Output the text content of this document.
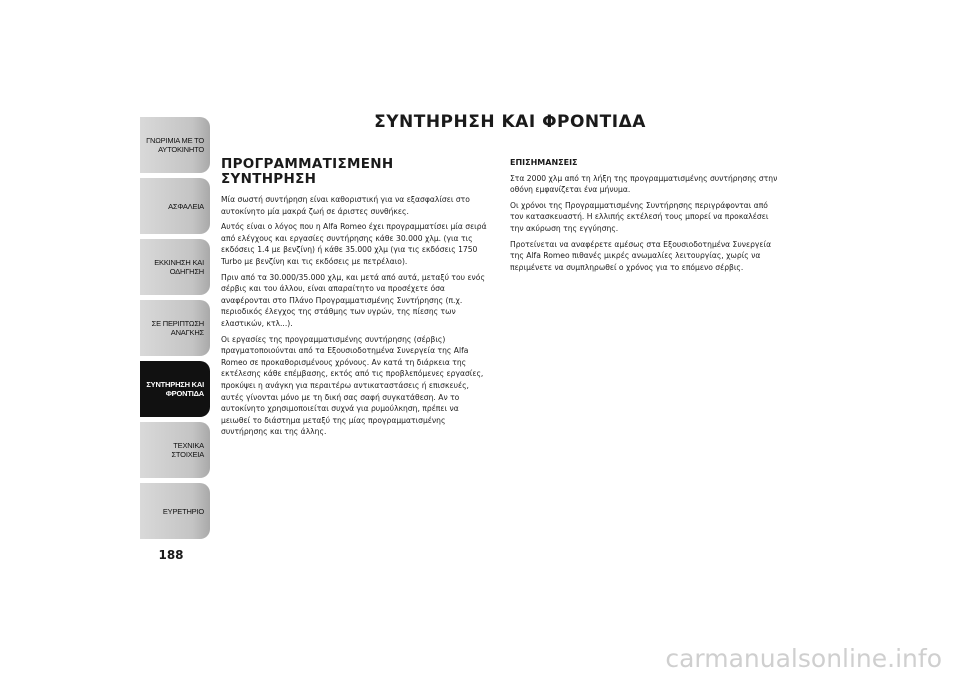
ΓΝΩΡΙΜΙΑ ΜΕ ΤΟ ΑΥΤΟΚΙΝΗΤΟ
ΑΣΦΑΛΕΙΑ
ΕΚΚΙΝΗΣΗ ΚΑΙ ΟΔΗΓΗΣΗ
ΣΕ ΠΕΡΙΠΤΩΣΗ ΑΝΑΓΚΗΣ
ΣΥΝΤΗΡΗΣΗ ΚΑΙ ΦΡΟΝΤΙΔΑ
ΤΕΧΝΙΚΑ ΣΤΟΙΧΕΙΑ
ΕΥΡΕΤΗΡΙΟ
188
ΣΥΝΤΗΡΗΣΗ ΚΑΙ ΦΡΟΝΤΙΔΑ
ΠΡΟΓΡΑΜΜΑΤΙΣΜΕΝΗ ΣΥΝΤΗΡΗΣΗ

Μία σωστή συντήρηση είναι καθοριστική για να εξασφαλίσει στο αυτοκίνητο μία μακρά ζωή σε άριστες συνθήκες.

Αυτός είναι ο λόγος που η Alfa Romeo έχει προγραμματίσει μία σειρά από ελέγχους και εργασίες συντήρησης κάθε 30.000 χλμ. (για τις εκδόσεις 1.4 με βενζίνη) ή κάθε 35.000 χλμ (για τις εκδόσεις 1750 Turbo με βενζίνη και τις εκδόσεις με πετρέλαιο).

Πριν από τα 30.000/35.000 χλμ, και μετά από αυτά, μεταξύ του ενός σέρβις και του άλλου, είναι απαραίτητο να προσέχετε όσα αναφέρονται στο Πλάνο Προγραμματισμένης Συντήρησης (π.χ. περιοδικός έλεγχος της στάθμης των υγρών, της πίεσης των ελαστικών, κτλ...).

Οι εργασίες της προγραμματισμένης συντήρησης (σέρβις) πραγματοποιούνται από τα Εξουσιοδοτημένα Συνεργεία της Alfa Romeo σε προκαθορισμένους χρόνους. Αν κατά τη διάρκεια της εκτέλεσης κάθε επέμβασης, εκτός από τις προβλεπόμενες εργασίες, προκύψει η ανάγκη για περαιτέρω αντικαταστάσεις ή επισκευές, αυτές γίνονται μόνο με τη δική σας σαφή συγκατάθεση. Αν το αυτοκίνητο χρησιμοποιείται συχνά για ρυμούλκηση, πρέπει να μειωθεί το διάστημα μεταξύ της μίας προγραμματισμένης συντήρησης και της άλλης.

ΕΠΙΣΗΜΑΝΣΕΙΣ

Στα 2000 χλμ από τη λήξη της προγραμματισμένης συντήρησης στην οθόνη εμφανίζεται ένα μήνυμα.

Οι χρόνοι της Προγραμματισμένης Συντήρησης περιγράφονται από τον κατασκευαστή. Η ελλιπής εκτέλεσή τους μπορεί να προκαλέσει την ακύρωση της εγγύησης.

Προτείνεται να αναφέρετε αμέσως στα Εξουσιοδοτημένα Συνεργεία της Alfa Romeo πιθανές μικρές ανωμαλίες λειτουργίας, χωρίς να περιμένετε να συμπληρωθεί ο χρόνος για το επόμενο σέρβις.

carmanualsonline.info
